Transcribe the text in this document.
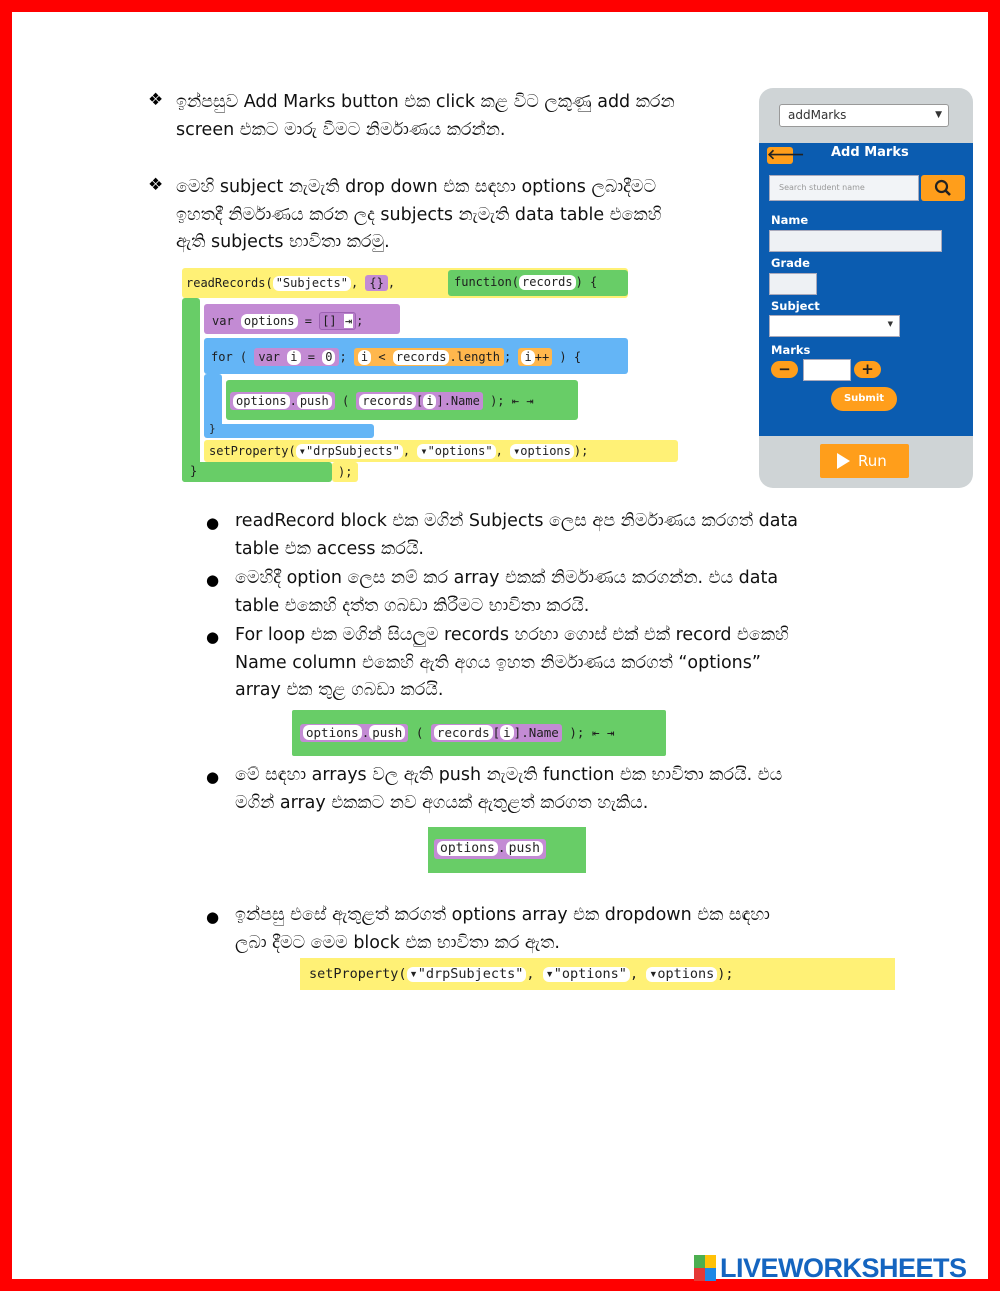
❖ ඉන්පසුව Add Marks button එක click කළ විට ලකුණු add කරන
screen එකට මාරු වීමට නිර්මාණය කරන්න.
❖ මෙහි subject නැමැති drop down එක සඳහා options ලබාදීමට
ඉහතදී නිර්මාණය කරන ලද subjects නැමැති data table එකෙහි
ඇති subjects භාවිතා කරමු.
readRecords( "Subjects" , {} ,	function( records ) {
}	);
var options = [] ⇥ ;
for ( var i = 0 ; i < records .length ; i ++ ) {
}
options . push ( records [ i ].Name ); ⇤ ⇥
setProperty( ▾"drpSubjects" , ▾"options" , ▾options );
addMarks	▼
🡐 Add Marks
Search student name
Name
Grade
Subject
▼
Marks
−	+
Submit
Run
● readRecord block එක මගින් Subjects ලෙස අප නිර්මාණය කරගත් data
table එක access කරයි.
● මෙහිදී option ලෙස නම් කර array එකක් නිර්මාණය කරගන්න. එය data
table එකෙහි දත්ත ගබඩා කිරීමට භාවිතා කරයි.
● For loop එක මගින් සියලුම records හරහා ගොස් එක් එක් record එකෙහි
Name column එකෙහි ඇති අගය ඉහත නිර්මාණය කරගත් “options”
array එක තුළ ගබඩා කරයි.
options . push ( records [ i ].Name ); ⇤ ⇥
● මේ සඳහා arrays වල ඇති push නැමැති function එක භාවිතා කරයි. එය
මගින් array එකකට නව අගයක් ඇතුළත් කරගත හැකිය.
options . push
● ඉන්පසු එසේ ඇතුළත් කරගත් options array එක dropdown එක සඳහා
ලබා දීමට මෙම block එක භාවිතා කර ඇත.
setProperty( ▾"drpSubjects" , ▾"options" , ▾options );
LIVEWORKSHEETS
